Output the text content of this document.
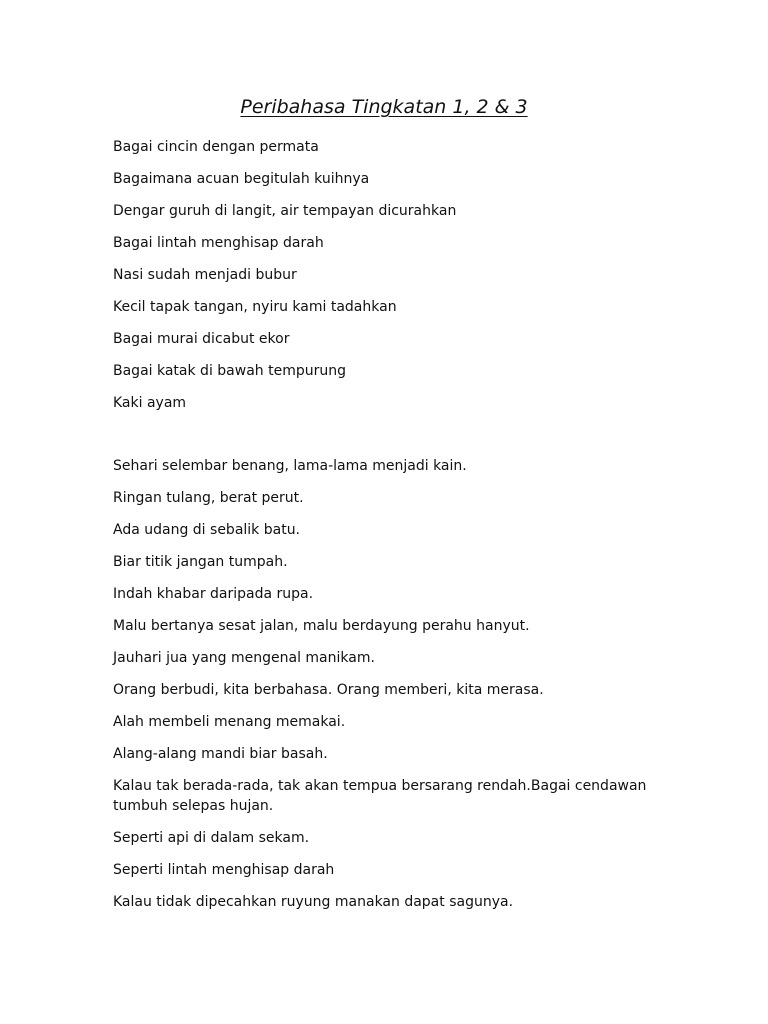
Peribahasa Tingkatan 1, 2 & 3
Bagai cincin dengan permata
Bagaimana acuan begitulah kuihnya
Dengar guruh di langit, air tempayan dicurahkan
Bagai lintah menghisap darah
Nasi sudah menjadi bubur
Kecil tapak tangan, nyiru kami tadahkan
Bagai murai dicabut ekor
Bagai katak di bawah tempurung
Kaki ayam
Sehari selembar benang, lama-lama menjadi kain.
Ringan tulang, berat perut.
Ada udang di sebalik batu.
Biar titik jangan tumpah.
Indah khabar daripada rupa.
Malu bertanya sesat jalan, malu berdayung perahu hanyut.
Jauhari jua yang mengenal manikam.
Orang berbudi, kita berbahasa. Orang memberi, kita merasa.
Alah membeli menang memakai.
Alang-alang mandi biar basah.
Kalau tak berada-rada, tak akan tempua bersarang rendah.Bagai cendawan tumbuh selepas hujan.
Seperti api di dalam sekam.
Seperti lintah menghisap darah
Kalau tidak dipecahkan ruyung manakan dapat sagunya.
